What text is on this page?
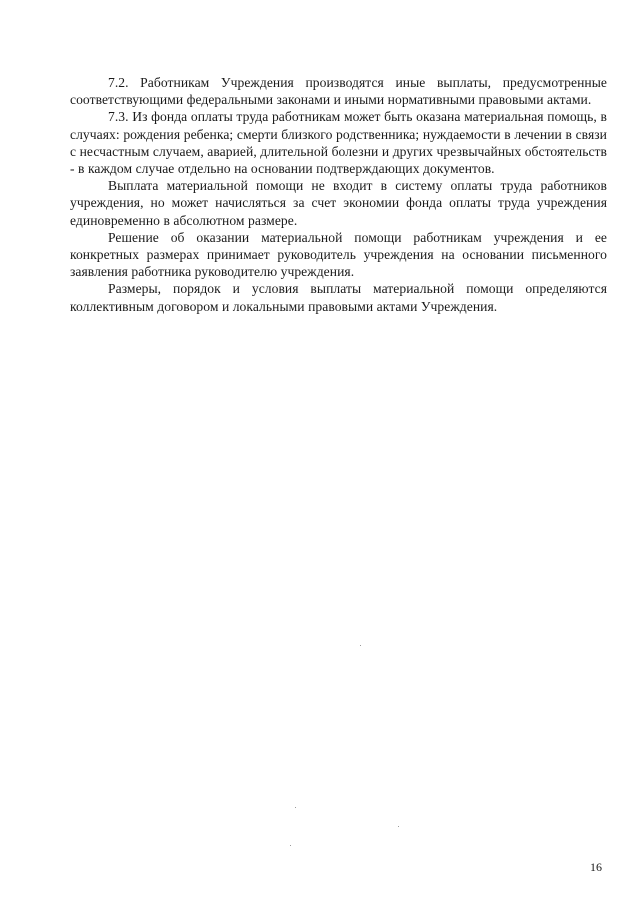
7.2. Работникам Учреждения производятся иные выплаты, предусмотренные соответствующими федеральными законами и иными нормативными правовыми актами.

7.3. Из фонда оплаты труда работникам может быть оказана материальная помощь, в случаях: рождения ребенка; смерти близкого родственника; нуждаемости в лечении в связи с несчастным случаем, аварией, длительной болезни и других чрезвычайных обстоятельств - в каждом случае отдельно на основании подтверждающих документов.

Выплата материальной помощи не входит в систему оплаты труда работников учреждения, но может начисляться за счет экономии фонда оплаты труда учреждения единовременно в абсолютном размере.

Решение об оказании материальной помощи работникам учреждения и ее конкретных размерах принимает руководитель учреждения на основании письменного заявления работника руководителю учреждения.

Размеры, порядок и условия выплаты материальной помощи определяются коллективным договором и локальными правовыми актами Учреждения.

16
